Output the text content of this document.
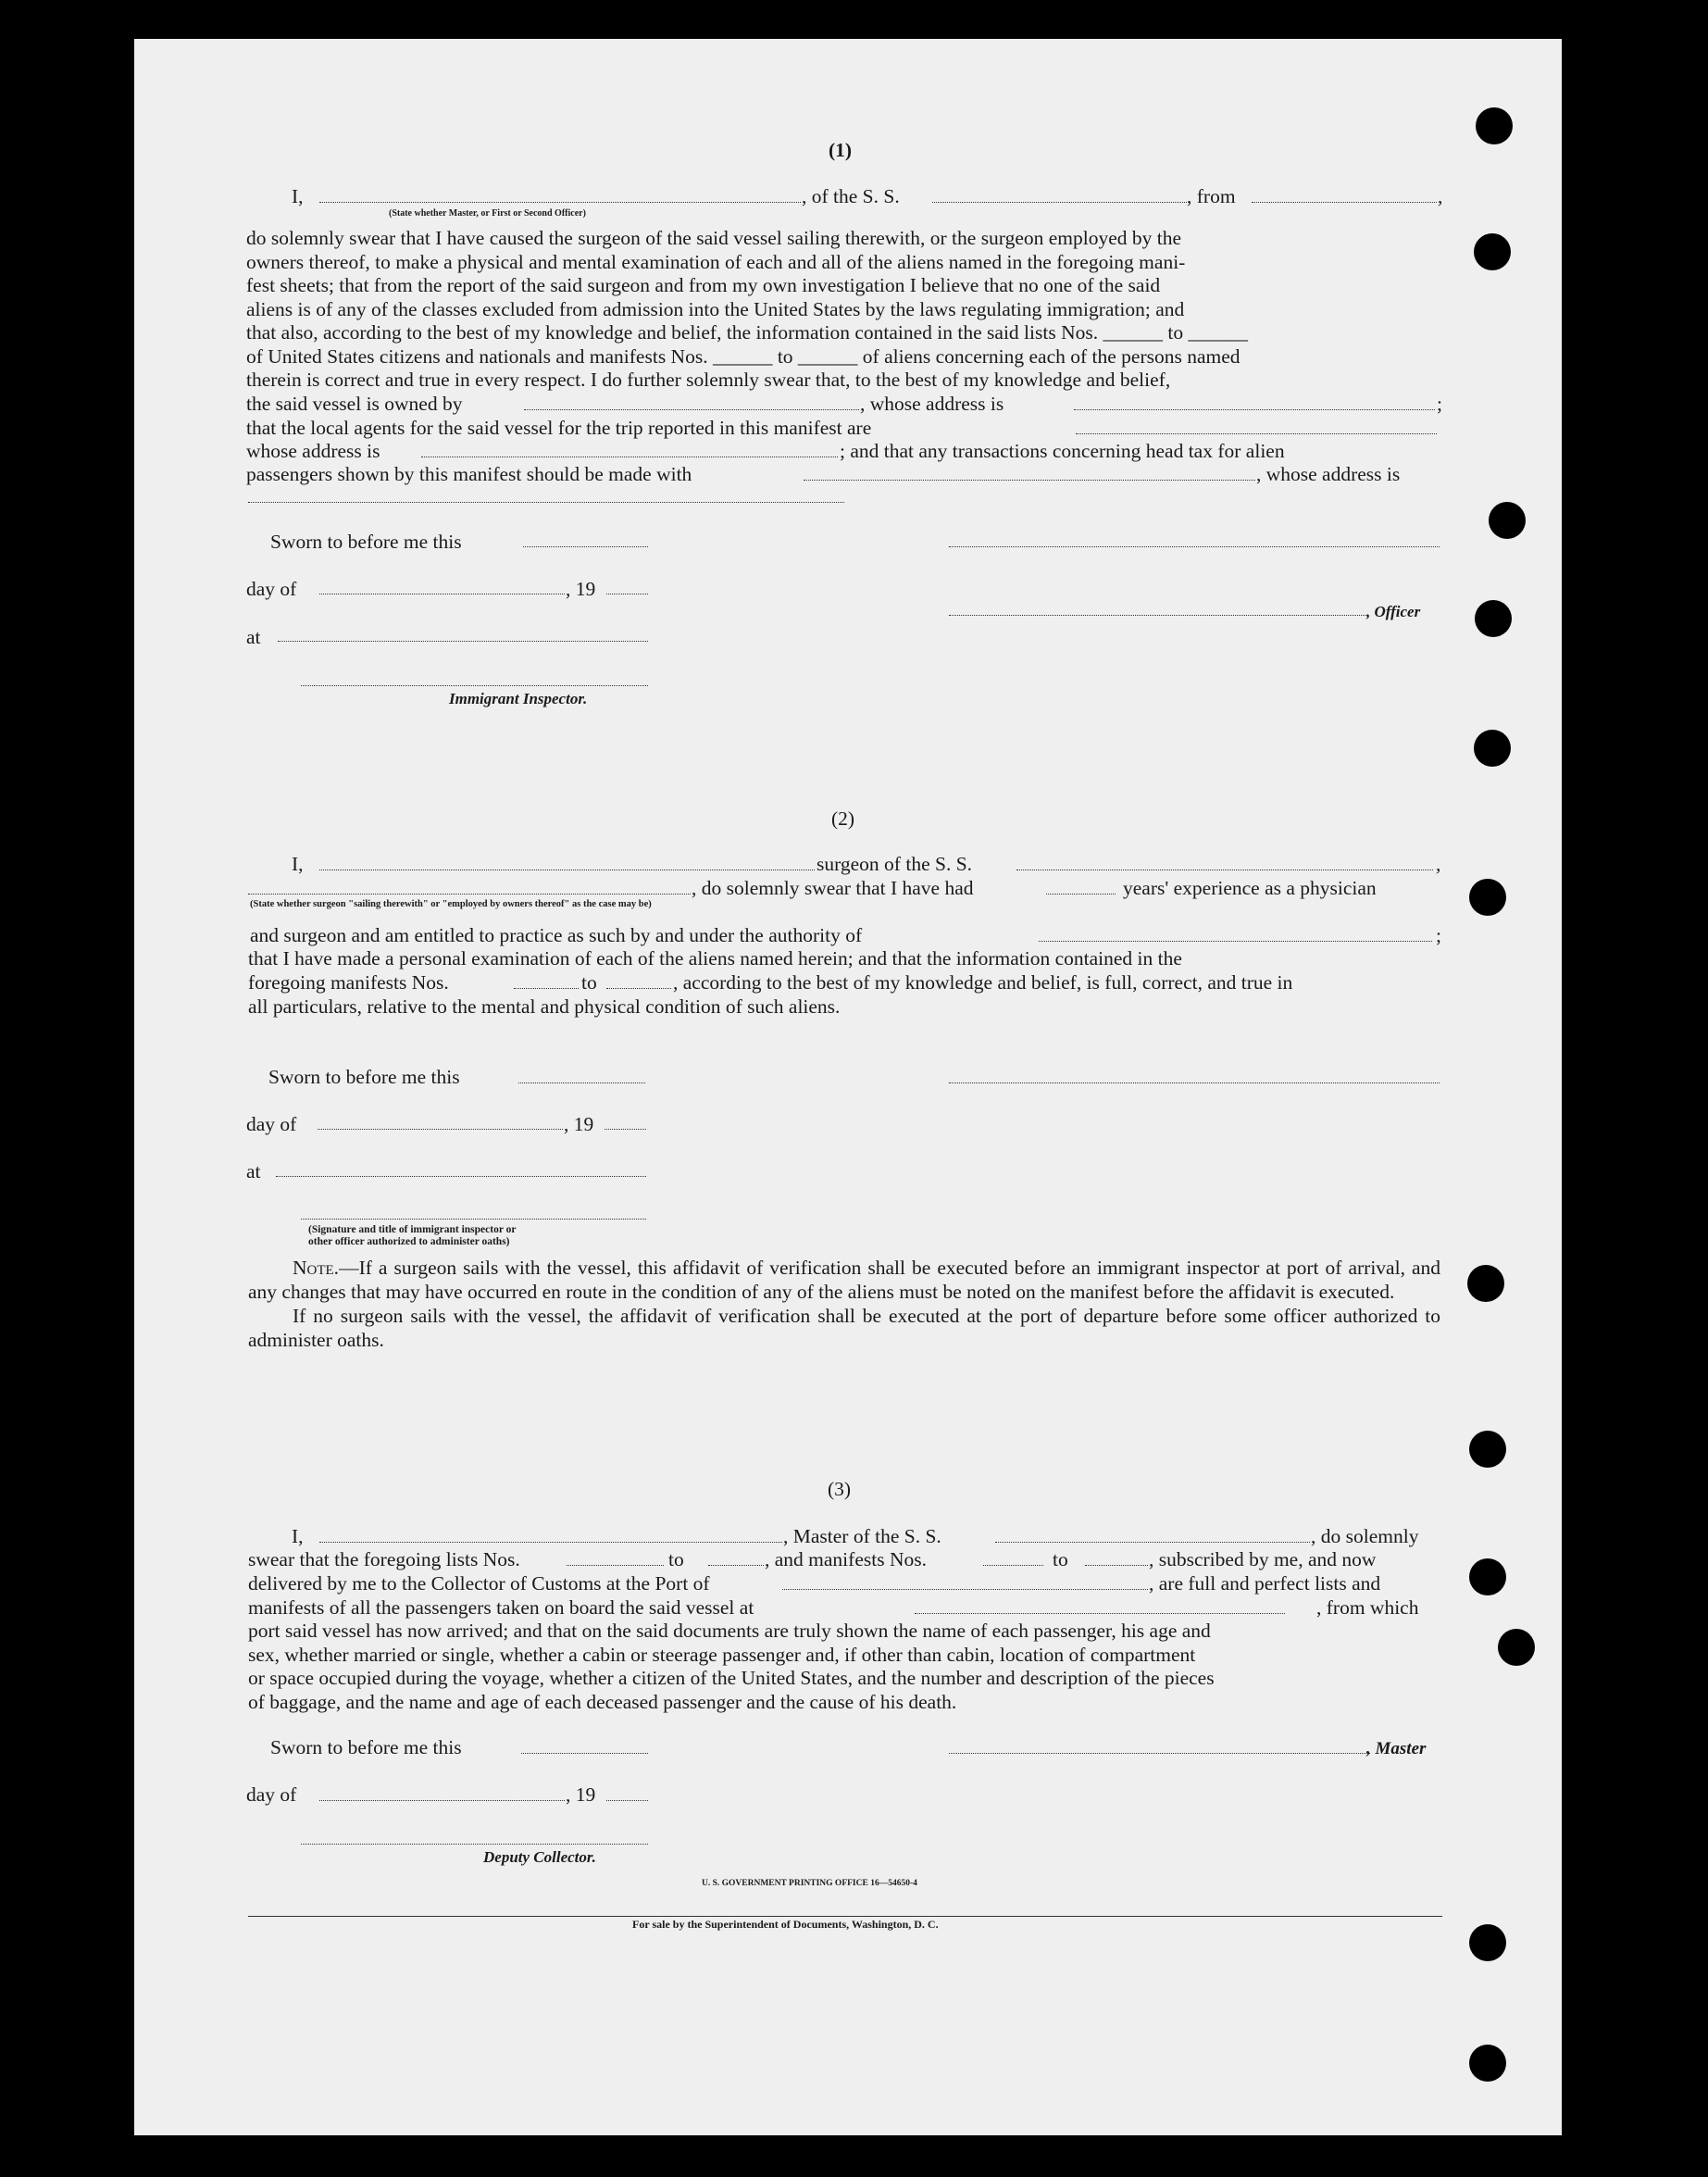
(1)
I,	, of the S. S.	, from	,
(State whether Master, or First or Second Officer)

do solemnly swear that I have caused the surgeon of the said vessel sailing therewith, or the surgeon employed by the

owners thereof, to make a physical and mental examination of each and all of the aliens named in the foregoing mani-

fest sheets; that from the report of the said surgeon and from my own investigation I believe that no one of the said

aliens is of any of the classes excluded from admission into the United States by the laws regulating immigration; and

that also, according to the best of my knowledge and belief, the information contained in the said lists Nos. ______ to ______

of United States citizens and nationals and manifests Nos. ______ to ______ of aliens concerning each of the persons named

therein is correct and true in every respect. I do further solemnly swear that, to the best of my knowledge and belief,

the said vessel is owned by	, whose address is	;
that the local agents for the said vessel for the trip reported in this manifest are
whose address is	; and that any transactions concerning head tax for alien
passengers shown by this manifest should be made with	, whose address is
Sworn to before me this
day of	, 19
, Officer
at
Immigrant Inspector.
(2)
I,	surgeon of the S. S.	,
, do solemnly swear that I have had	years' experience as a physician
(State whether surgeon "sailing therewith" or "employed by owners thereof" as the case may be)
and surgeon and am entitled to practice as such by and under the authority of	;
that I have made a personal examination of each of the aliens named herein; and that the information contained in the
foregoing manifests Nos.	to	, according to the best of my knowledge and belief, is full, correct, and true in
all particulars, relative to the mental and physical condition of such aliens.
Sworn to before me this
day of	, 19
at
(Signature and title of immigrant inspector or
other officer authorized to administer oaths)

Note.—If a surgeon sails with the vessel, this affidavit of verification shall be executed before an immigrant inspector at port of arrival, and any changes that may have occurred en route in the condition of any of the aliens must be noted on the manifest before the affidavit is executed.

If no surgeon sails with the vessel, the affidavit of verification shall be executed at the port of departure before some officer authorized to administer oaths.

(3)
I,	, Master of the S. S.	, do solemnly
swear that the foregoing lists Nos.	to	, and manifests Nos.	to	, subscribed by me, and now
delivered by me to the Collector of Customs at the Port of	, are full and perfect lists and
manifests of all the passengers taken on board the said vessel at	, from which

port said vessel has now arrived; and that on the said documents are truly shown the name of each passenger, his age and

sex, whether married or single, whether a cabin or steerage passenger and, if other than cabin, location of compartment

or space occupied during the voyage, whether a citizen of the United States, and the number and description of the pieces

of baggage, and the name and age of each deceased passenger and the cause of his death.

Sworn to before me this	, Master
day of	, 19
Deputy Collector.
U. S. GOVERNMENT PRINTING OFFICE 16—54650-4
For sale by the Superintendent of Documents, Washington, D. C.
